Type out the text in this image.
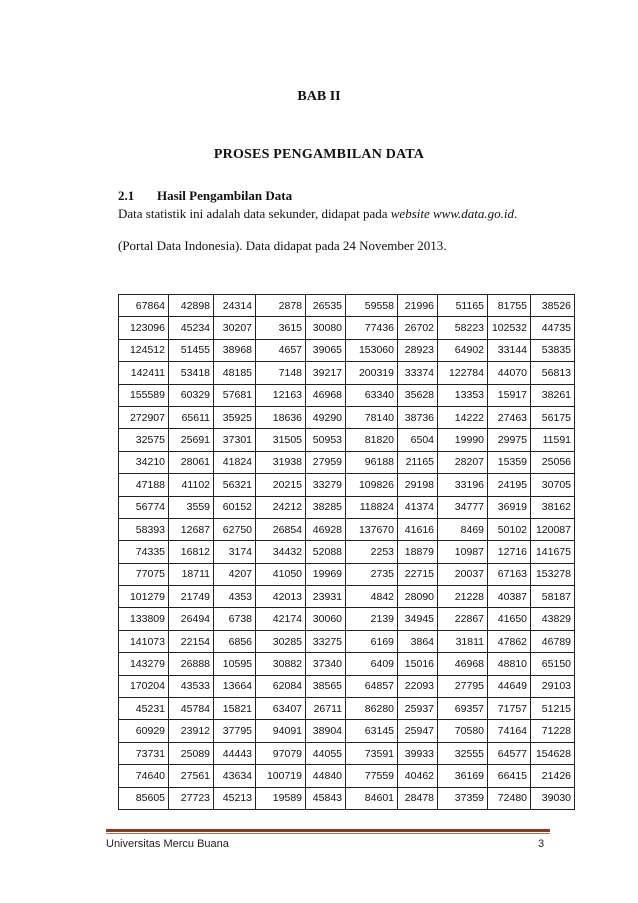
BAB II
PROSES PENGAMBILAN DATA
2.1 Hasil Pengambilan Data
Data statistik ini adalah data sekunder, didapat pada website www.data.go.id.
(Portal Data Indonesia). Data didapat pada 24 November 2013.
67864	42898	24314	2878	26535	59558	21996	51165	81755	38526
123096	45234	30207	3615	30080	77436	26702	58223	102532	44735
124512	51455	38968	4657	39065	153060	28923	64902	33144	53835
142411	53418	48185	7148	39217	200319	33374	122784	44070	56813
155589	60329	57681	12163	46968	63340	35628	13353	15917	38261
272907	65611	35925	18636	49290	78140	38736	14222	27463	56175
32575	25691	37301	31505	50953	81820	6504	19990	29975	11591
34210	28061	41824	31938	27959	96188	21165	28207	15359	25056
47188	41102	56321	20215	33279	109826	29198	33196	24195	30705
56774	3559	60152	24212	38285	118824	41374	34777	36919	38162
58393	12687	62750	26854	46928	137670	41616	8469	50102	120087
74335	16812	3174	34432	52088	2253	18879	10987	12716	141675
77075	18711	4207	41050	19969	2735	22715	20037	67163	153278
101279	21749	4353	42013	23931	4842	28090	21228	40387	58187
133809	26494	6738	42174	30060	2139	34945	22867	41650	43829
141073	22154	6856	30285	33275	6169	3864	31811	47862	46789
143279	26888	10595	30882	37340	6409	15016	46968	48810	65150
170204	43533	13664	62084	38565	64857	22093	27795	44649	29103
45231	45784	15821	63407	26711	86280	25937	69357	71757	51215
60929	23912	37795	94091	38904	63145	25947	70580	74164	71228
73731	25089	44443	97079	44055	73591	39933	32555	64577	154628
74640	27561	43634	100719	44840	77559	40462	36169	66415	21426
85605	27723	45213	19589	45843	84601	28478	37359	72480	39030
Universitas Mercu Buana	3
